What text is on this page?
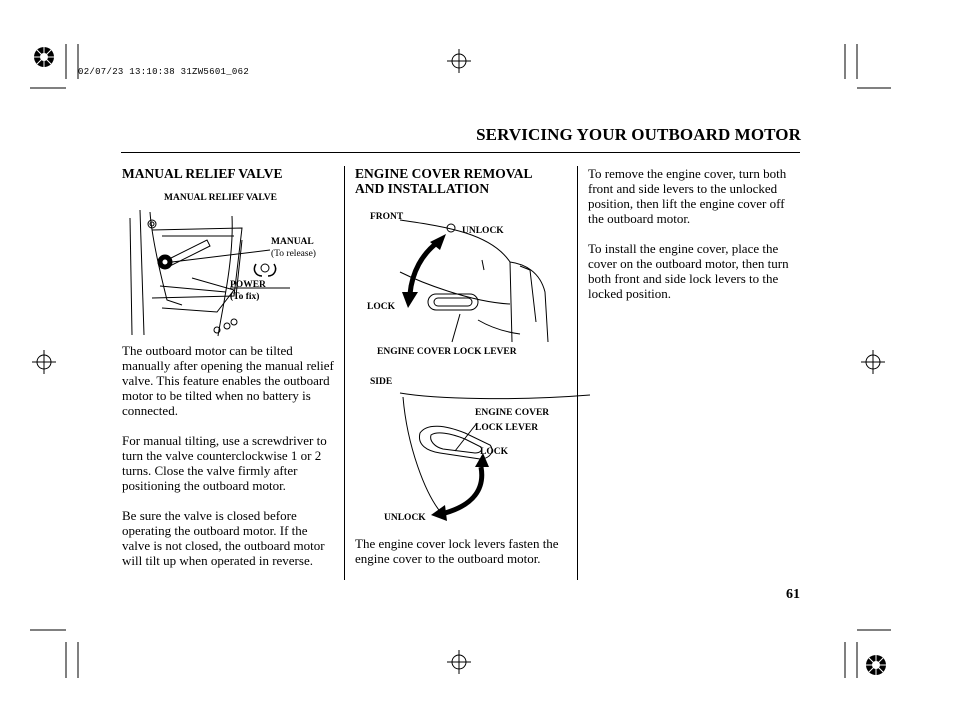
02/07/23 13:10:38 31ZW5601_062
SERVICING YOUR OUTBOARD MOTOR
MANUAL RELIEF VALVE
MANUAL RELIEF VALVE
MANUAL
(To release)
POWER
(To fix)

The outboard motor can be tilted manually after opening the manual relief valve. This feature enables the outboard motor to be tilted when no battery is connected.

For manual tilting, use a screwdriver to turn the valve counterclockwise 1 or 2 turns. Close the valve firmly after positioning the outboard motor.

Be sure the valve is closed before operating the outboard motor. If the valve is not closed, the outboard motor will tilt up when operated in reverse.

ENGINE COVER REMOVAL
AND INSTALLATION
FRONT
UNLOCK
LOCK
ENGINE COVER LOCK LEVER
SIDE
ENGINE COVER
LOCK LEVER
LOCK
UNLOCK

The engine cover lock levers fasten the engine cover to the outboard motor.

To remove the engine cover, turn both front and side levers to the unlocked position, then lift the engine cover off the outboard motor.

To install the engine cover, place the cover on the outboard motor, then turn both front and side lock levers to the locked position.

61
